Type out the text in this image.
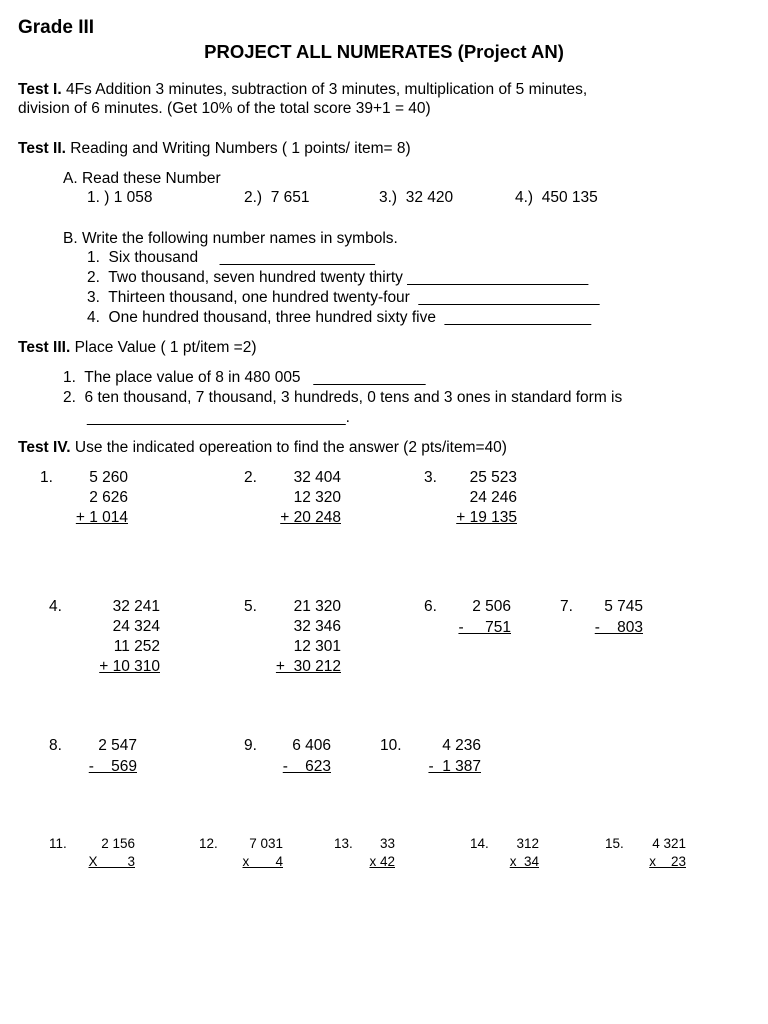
Grade III
PROJECT ALL NUMERATES (Project AN)
Test I. 4Fs Addition 3 minutes, subtraction of 3 minutes, multiplication of 5 minutes,
division of 6 minutes. (Get 10% of the total score 39+1 = 40)
Test II. Reading and Writing Numbers ( 1 points/ item= 8)
A. Read these Number
1. ) 1 058	2.)  7 651	3.)  32 420	4.)  450 135
B. Write the following number names in symbols.
1.  Six thousand     __________________
2.  Two thousand, seven hundred twenty thirty _____________________
3.  Thirteen thousand, one hundred twenty-four  _____________________
4.  One hundred thousand, three hundred sixty five  _________________
Test III. Place Value ( 1 pt/item =2)
1.  The place value of 8 in 480 005   _____________
2.  6 ten thousand, 7 thousand, 3 hundreds, 0 tens and 3 ones in standard form is
______________________________.
Test IV. Use the indicated opereation to find the answer (2 pts/item=40)
1.	5 260
2 626
+ 1 014
2.	32 404
12 320
+ 20 248
3.	25 523
24 246
+ 19 135
4.	32 241
24 324
11 252
+ 10 310
5.	21 320
32 346
12 301
+  30 212
6.	2 506
-     751
7.	5 745
-    803
8.	2 547
-    569
9.	6 406
-    623
10.	4 236
-  1 387
11.	2 156
X        3
12.	7 031
x       4
13.	33
x 42
14.	312
x  34
15.	4 321
x    23
